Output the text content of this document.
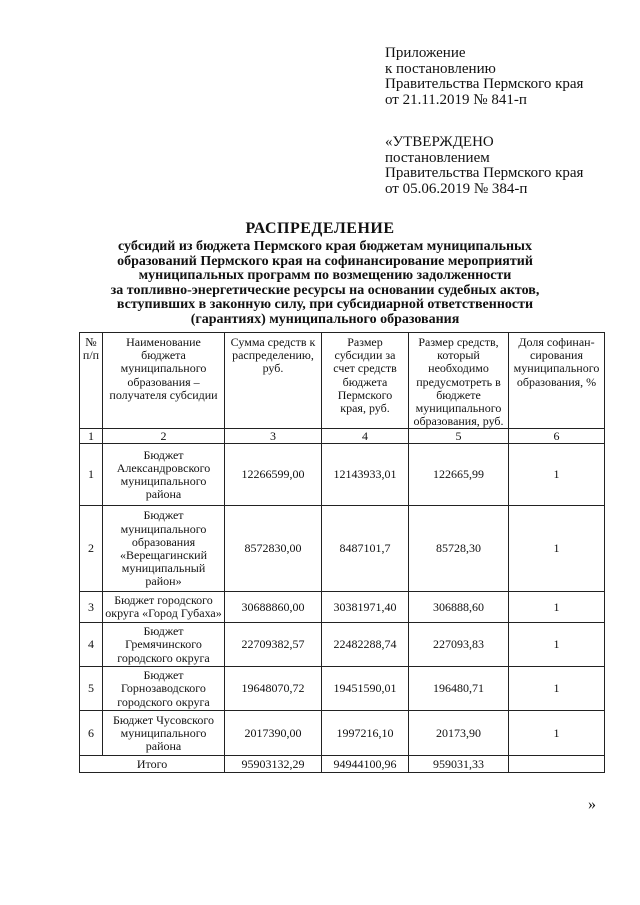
Приложение
к постановлению
Правительства Пермского края
от 21.11.2019 № 841-п
«УТВЕРЖДЕНО
постановлением
Правительства Пермского края
от 05.06.2019 № 384-п
РАСПРЕДЕЛЕНИЕ
субсидий из бюджета Пермского края бюджетам муниципальных
образований Пермского края на софинансирование мероприятий
муниципальных программ по возмещению задолженности
за топливно-энергетические ресурсы на основании судебных актов,
вступивших в законную силу, при субсидиарной ответственности
(гарантиях) муниципального образования
№ п/п	Наименование бюджета муниципального образования – получателя субсидии	Сумма средств к распределению, руб.	Размер субсидии за счет средств бюджета Пермского края, руб.	Размер средств, который необходимо предусмотреть в бюджете муниципального образования, руб.	Доля софинан-сирования муниципального образования, %
1	2	3	4	5	6
1	Бюджет Александровского муниципального района	12266599,00	12143933,01	122665,99	1
2	Бюджет муниципального образования «Верещагинский муниципальный район»	8572830,00	8487101,7	85728,30	1
3	Бюджет городского округа «Город Губаха»	30688860,00	30381971,40	306888,60	1
4	Бюджет Гремячинского городского округа	22709382,57	22482288,74	227093,83	1
5	Бюджет Горнозаводского городского округа	19648070,72	19451590,01	196480,71	1
6	Бюджет Чусовского муниципального района	2017390,00	1997216,10	20173,90	1
Итого		95903132,29	94944100,96	959031,33	
»
